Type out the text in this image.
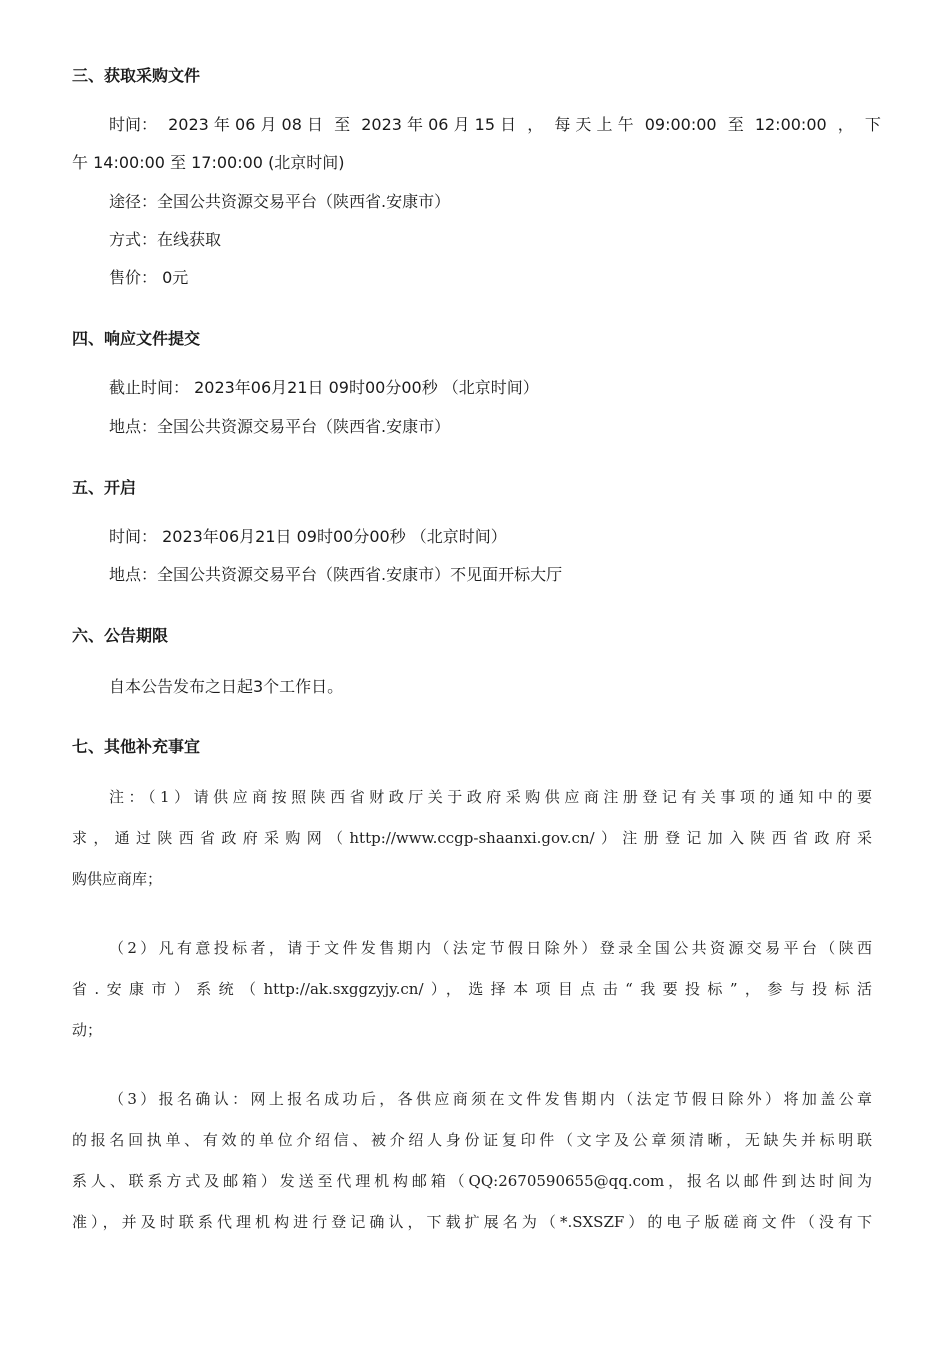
三、获取采购文件
时间： 2023 年 06 月 08 日 至 2023 年 06 月 15 日 ， 每 天 上 午 09:00:00 至 12:00:00 ， 下
午 14:00:00 至 17:00:00 (北京时间)
途径：全国公共资源交易平台（陕西省.安康市）
方式：在线获取
售价： 0元
四、响应文件提交
截止时间： 2023年06月21日 09时00分00秒 （北京时间）
地点：全国公共资源交易平台（陕西省.安康市）
五、开启
时间： 2023年06月21日 09时00分00秒 （北京时间）
地点：全国公共资源交易平台（陕西省.安康市）不见面开标大厅
六、公告期限
自本公告发布之日起3个工作日。
七、其他补充事宜
注：（1）请供应商按照陕西省财政厅关于政府采购供应商注册登记有关事项的通知中的要
求，通过陕西省政府采购网（http://www.ccgp-shaanxi.gov.cn/）注册登记加入陕西省政府采
购供应商库；
（2）凡有意投标者，请于文件发售期内（法定节假日除外）登录全国公共资源交易平台（陕西
省.安康市）系统（http://ak.sxggzyjy.cn/），选择本项目点击“我要投标”，参与投标活
动；
（3）报名确认：网上报名成功后，各供应商须在文件发售期内（法定节假日除外）将加盖公章
的报名回执单、有效的单位介绍信、被介绍人身份证复印件（文字及公章须清晰，无缺失并标明联
系人、联系方式及邮箱）发送至代理机构邮箱（QQ:2670590655@qq.com，报名以邮件到达时间为
准），并及时联系代理机构进行登记确认，下载扩展名为（*.SXSZF）的电子版磋商文件（没有下
